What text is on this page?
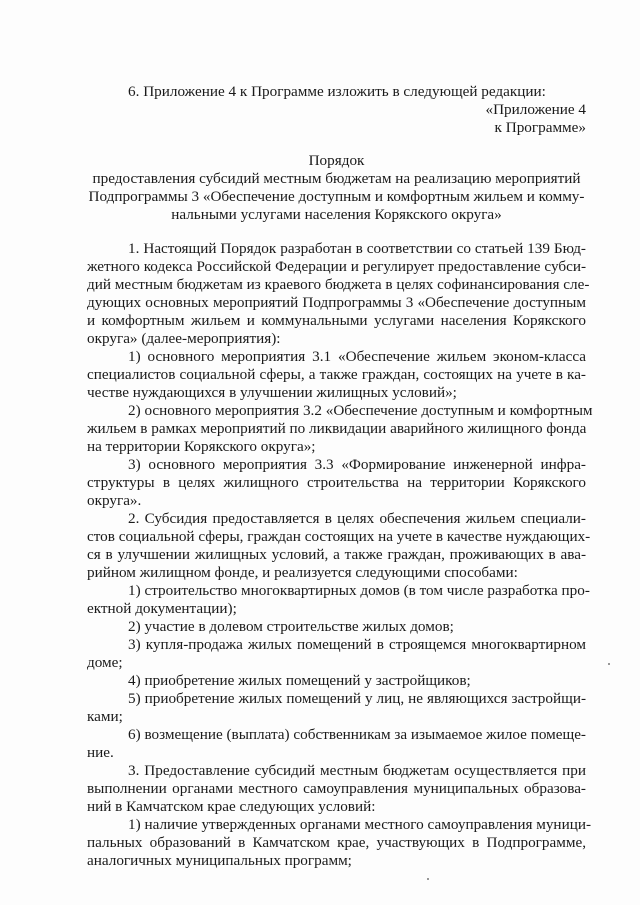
6. Приложение 4 к Программе изложить в следующей редакции:
«Приложение 4
к Программе»
Порядок
предоставления субсидий местным бюджетам на реализацию мероприятий
Подпрограммы 3 «Обеспечение доступным и комфортным жильем и комму-
нальными услугами населения Корякского округа»
1. Настоящий Порядок разработан в соответствии со статьей 139 Бюд-
жетного кодекса Российской Федерации и регулирует предоставление субси-
дий местным бюджетам из краевого бюджета в целях софинансирования сле-
дующих основных мероприятий Подпрограммы 3 «Обеспечение доступным
и комфортным жильем и коммунальными услугами населения Корякского
округа» (далее-мероприятия):
1) основного мероприятия 3.1 «Обеспечение жильем эконом-класса
специалистов социальной сферы, а также граждан, состоящих на учете в ка-
честве нуждающихся в улучшении жилищных условий»;
2) основного мероприятия 3.2 «Обеспечение доступным и комфортным
жильем в рамках мероприятий по ликвидации аварийного жилищного фонда
на территории Корякского округа»;
3) основного мероприятия 3.3 «Формирование инженерной инфра-
структуры в целях жилищного строительства на территории Корякского
округа».
2. Субсидия предоставляется в целях обеспечения жильем специали-
стов социальной сферы, граждан состоящих на учете в качестве нуждающих-
ся в улучшении жилищных условий, а также граждан, проживающих в ава-
рийном жилищном фонде, и реализуется следующими способами:
1) строительство многоквартирных домов (в том числе разработка про-
ектной документации);
2) участие в долевом строительстве жилых домов;
3) купля-продажа жилых помещений в строящемся многоквартирном
доме;
4) приобретение жилых помещений у застройщиков;
5) приобретение жилых помещений у лиц, не являющихся застройщи-
ками;
6) возмещение (выплата) собственникам за изымаемое жилое помеще-
ние.
3. Предоставление субсидий местным бюджетам осуществляется при
выполнении органами местного самоуправления муниципальных образова-
ний в Камчатском крае следующих условий:
1) наличие утвержденных органами местного самоуправления муници-
пальных образований в Камчатском крае, участвующих в Подпрограмме,
аналогичных муниципальных программ;
